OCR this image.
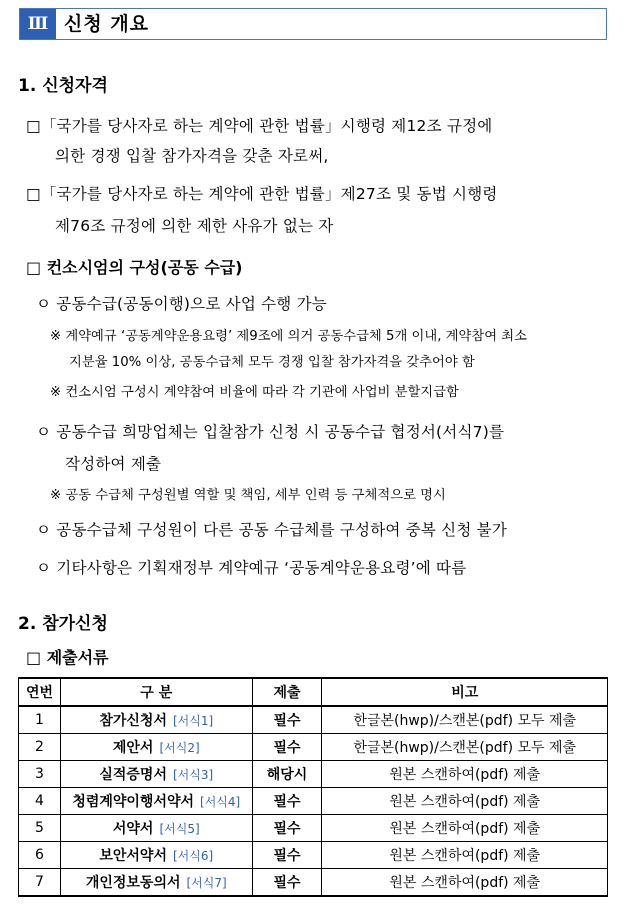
Ⅲ 신청 개요
1. 신청자격
□「국가를 당사자로 하는 계약에 관한 법률」시행령 제12조 규정에
의한 경쟁 입찰 참가자격을 갖춘 자로써,
□「국가를 당사자로 하는 계약에 관한 법률」제27조 및 동법 시행령
제76조 규정에 의한 제한 사유가 없는 자
□ 컨소시엄의 구성(공동 수급)
ㅇ 공동수급(공동이행)으로 사업 수행 가능
※ 계약예규 ‘공동계약운용요령’ 제9조에 의거 공동수급체 5개 이내, 계약참여 최소
지분율 10% 이상, 공동수급체 모두 경쟁 입찰 참가자격을 갖추어야 함
※ 컨소시엄 구성시 계약참여 비율에 따라 각 기관에 사업비 분할지급함
ㅇ 공동수급 희망업체는 입찰참가 신청 시 공동수급 협정서(서식7)를
작성하여 제출
※ 공동 수급체 구성원별 역할 및 책임, 세부 인력 등 구체적으로 명시
ㅇ 공동수급체 구성원이 다른 공동 수급체를 구성하여 중복 신청 불가
ㅇ 기타사항은 기획재정부 계약예규 ‘공동계약운용요령’에 따름
2. 참가신청
□ 제출서류
연번	구 분	제출	비고
1	참가신청서 [서식1]	필수	한글본(hwp)/스캔본(pdf) 모두 제출
2	제안서 [서식2]	필수	한글본(hwp)/스캔본(pdf) 모두 제출
3	실적증명서 [서식3]	해당시	원본 스캔하여(pdf) 제출
4	청렴계약이행서약서 [서식4]	필수	원본 스캔하여(pdf) 제출
5	서약서 [서식5]	필수	원본 스캔하여(pdf) 제출
6	보안서약서 [서식6]	필수	원본 스캔하여(pdf) 제출
7	개인정보동의서 [서식7]	필수	원본 스캔하여(pdf) 제출
